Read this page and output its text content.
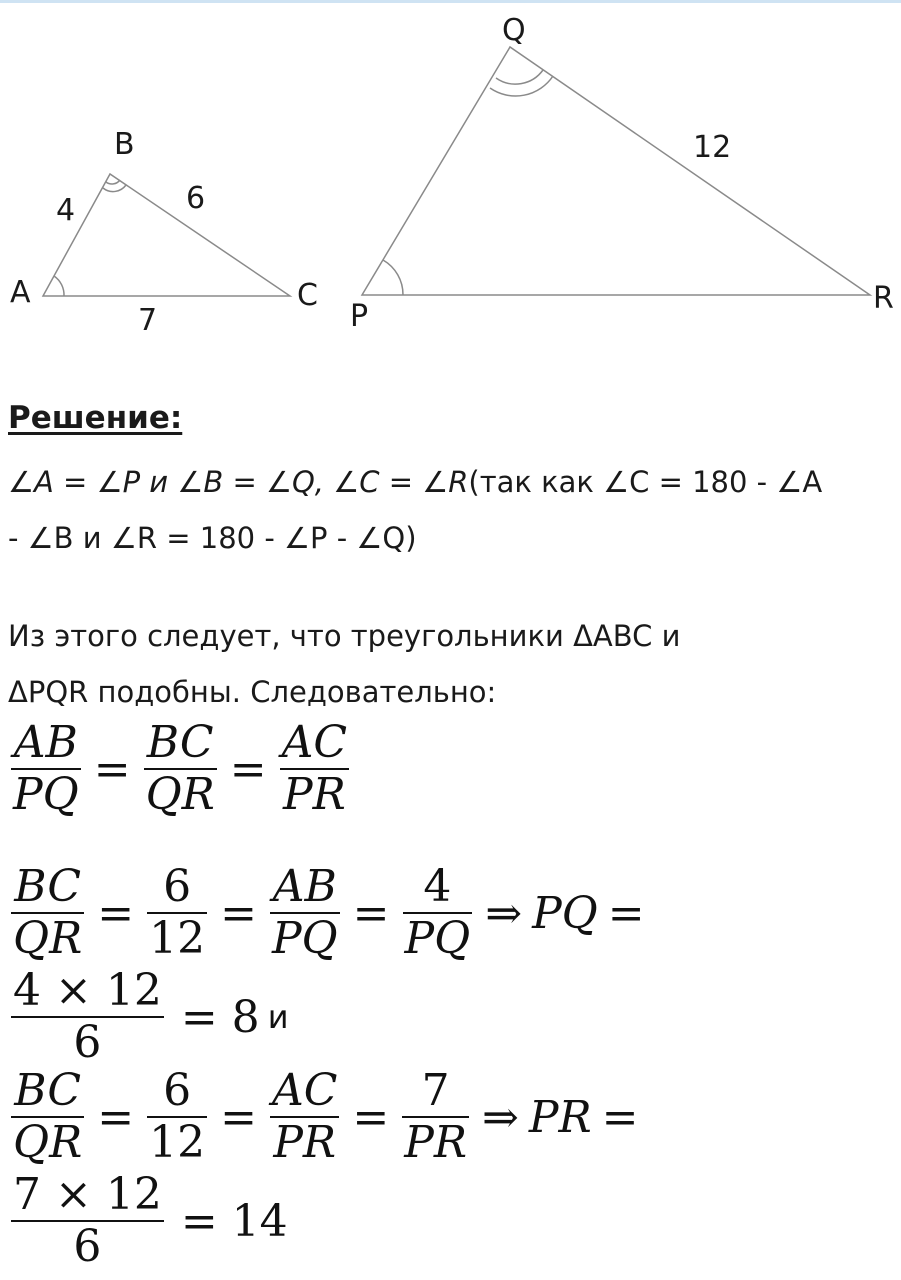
A
B
C
4	6
7	P
Q
R
12
Решение:
∠A = ∠P и ∠B = ∠Q, ∠C = ∠R(так как ∠C = 180 - ∠A
- ∠B и ∠R = 180 - ∠P - ∠Q)
Из этого следует, что треугольники ΔABC и
ΔPQR подобны. Следовательно:
$\frac{AB}{PQ} = \frac{BC}{QR} = \frac{AC}{PR}$
$\frac{BC}{QR} = \frac{6}{12} = \frac{AB}{PQ} = \frac{4}{PQ}$ ⇒ PQ =
$\frac{4 \times 12}{6} = 8$ и
$\frac{BC}{QR} = \frac{6}{12} = \frac{AC}{PR} = \frac{7}{PR}$ ⇒ PR =
$\frac{7 \times 12}{6} = 14$
